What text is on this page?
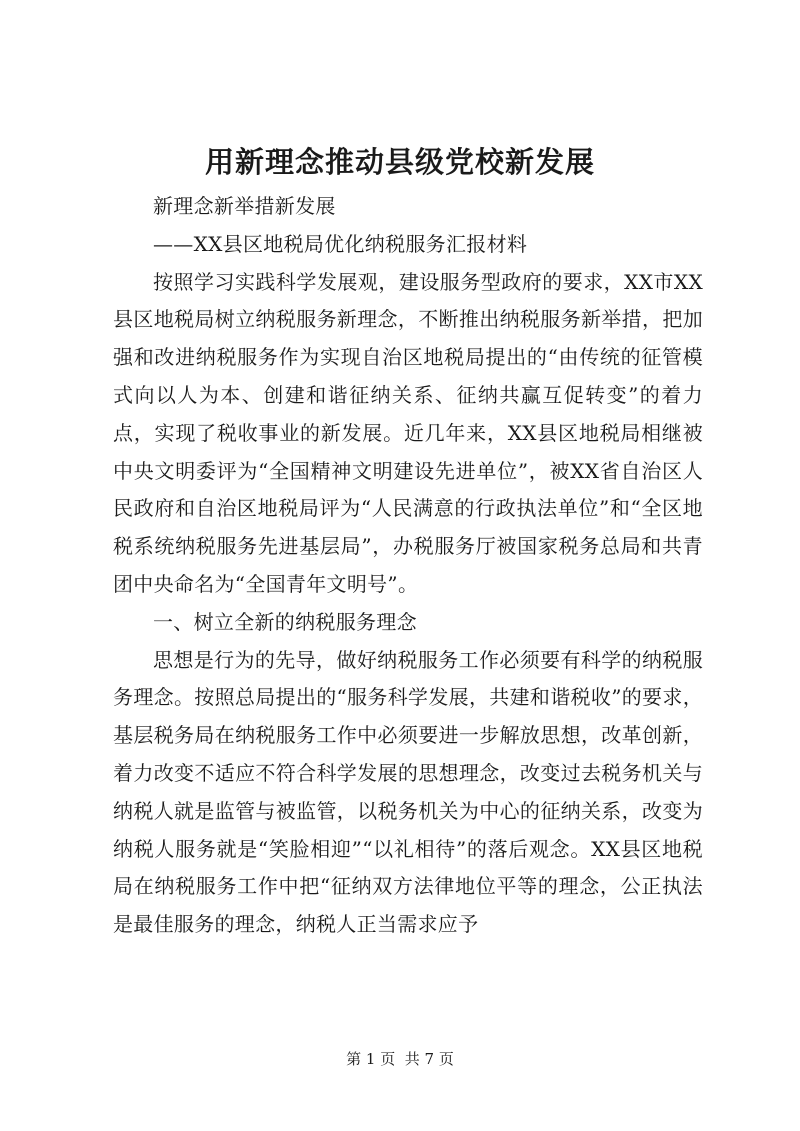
用新理念推动县级党校新发展

新理念新举措新发展

——XX县区地税局优化纳税服务汇报材料

按照学习实践科学发展观，建设服务型政府的要求，XX市XX县区地税局树立纳税服务新理念，不断推出纳税服务新举措，把加强和改进纳税服务作为实现自治区地税局提出的“由传统的征管模式向以人为本、创建和谐征纳关系、征纳共赢互促转变”的着力点，实现了税收事业的新发展。近几年来，XX县区地税局相继被中央文明委评为“全国精神文明建设先进单位”，被XX省自治区人民政府和自治区地税局评为“人民满意的行政执法单位”和“全区地税系统纳税服务先进基层局”，办税服务厅被国家税务总局和共青团中央命名为“全国青年文明号”。

一、树立全新的纳税服务理念

思想是行为的先导，做好纳税服务工作必须要有科学的纳税服务理念。按照总局提出的“服务科学发展，共建和谐税收”的要求，基层税务局在纳税服务工作中必须要进一步解放思想，改革创新，着力改变不适应不符合科学发展的思想理念，改变过去税务机关与纳税人就是监管与被监管，以税务机关为中心的征纳关系，改变为纳税人服务就是“笑脸相迎”“以礼相待”的落后观念。XX县区地税局在纳税服务工作中把“征纳双方法律地位平等的理念，公正执法是最佳服务的理念，纳税人正当需求应予

第 1 页  共 7 页
